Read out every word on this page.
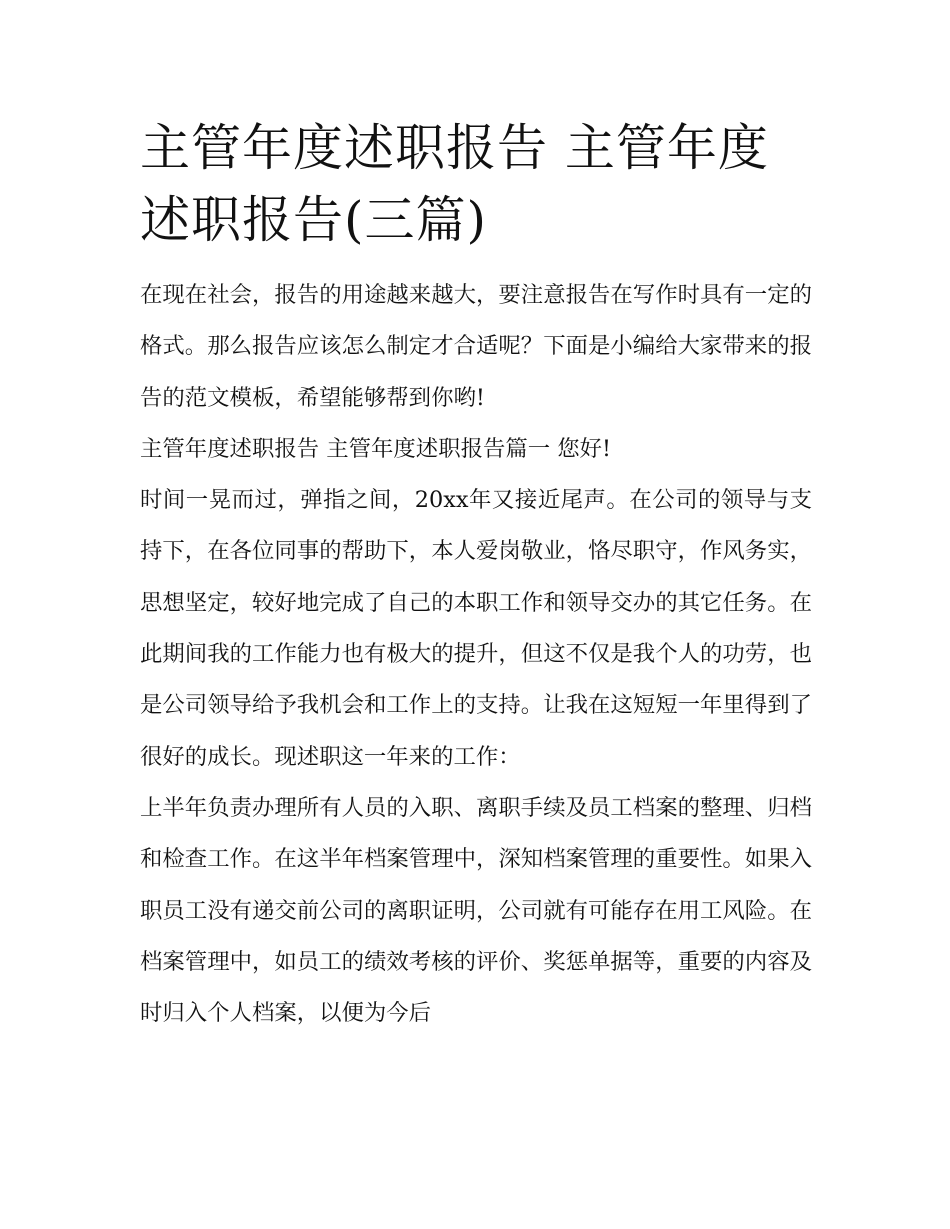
主管年度述职报告 主管年度述职报告(三篇)

在现在社会，报告的用途越来越大，要注意报告在写作时具有一定的格式。那么报告应该怎么制定才合适呢？下面是小编给大家带来的报告的范文模板，希望能够帮到你哟!

主管年度述职报告 主管年度述职报告篇一 您好!

时间一晃而过，弹指之间，20xx年又接近尾声。在公司的领导与支持下，在各位同事的帮助下，本人爱岗敬业，恪尽职守，作风务实，思想坚定，较好地完成了自己的本职工作和领导交办的其它任务。在此期间我的工作能力也有极大的提升，但这不仅是我个人的功劳，也是公司领导给予我机会和工作上的支持。让我在这短短一年里得到了很好的成长。现述职这一年来的工作：

上半年负责办理所有人员的入职、离职手续及员工档案的整理、归档和检查工作。在这半年档案管理中，深知档案管理的重要性。如果入职员工没有递交前公司的离职证明，公司就有可能存在用工风险。在档案管理中，如员工的绩效考核的评价、奖惩单据等，重要的内容及时归入个人档案，以便为今后
